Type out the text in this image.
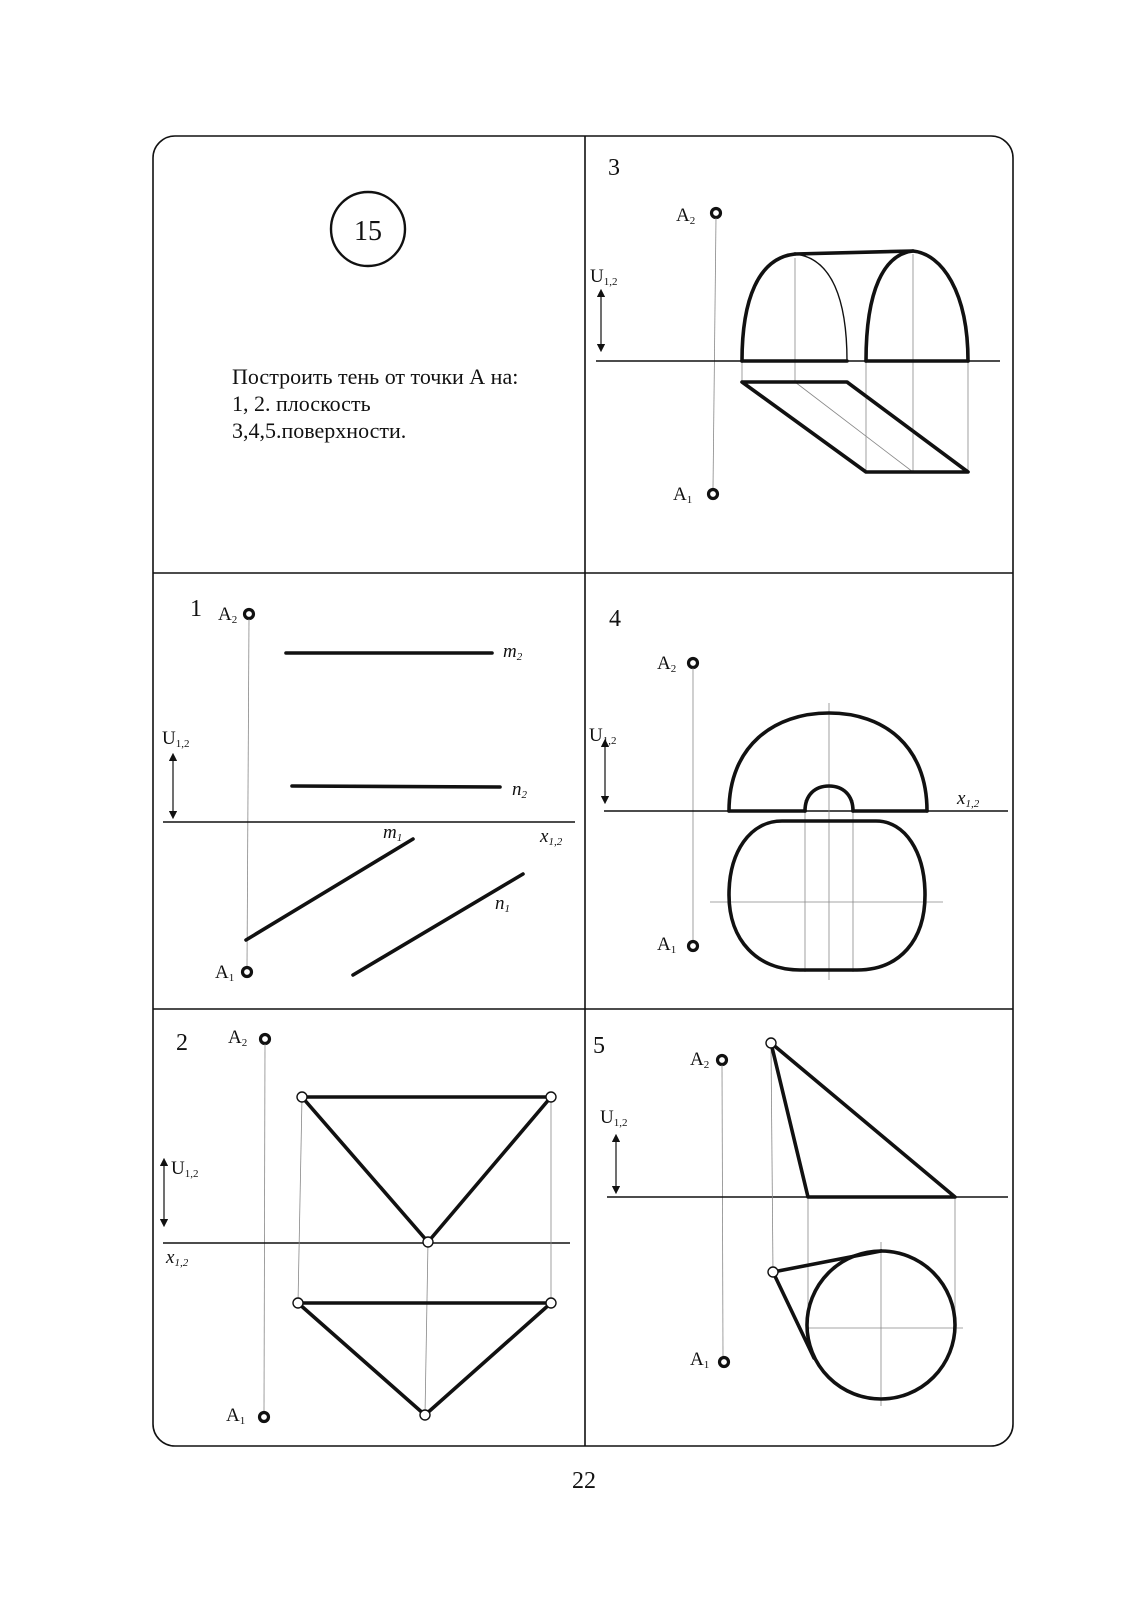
15
Построить тень от точки А на:
1, 2. плоскость
3,4,5.поверхности.
3
A2
A1
U1,2
1 A2
A1
U1,2
x1,2
m2
n2
m1
n1
4
A2
A1
U1,2
x1,2
2 A2
A1
U1,2
x1,2
5
A2
A1
U1,2
22
